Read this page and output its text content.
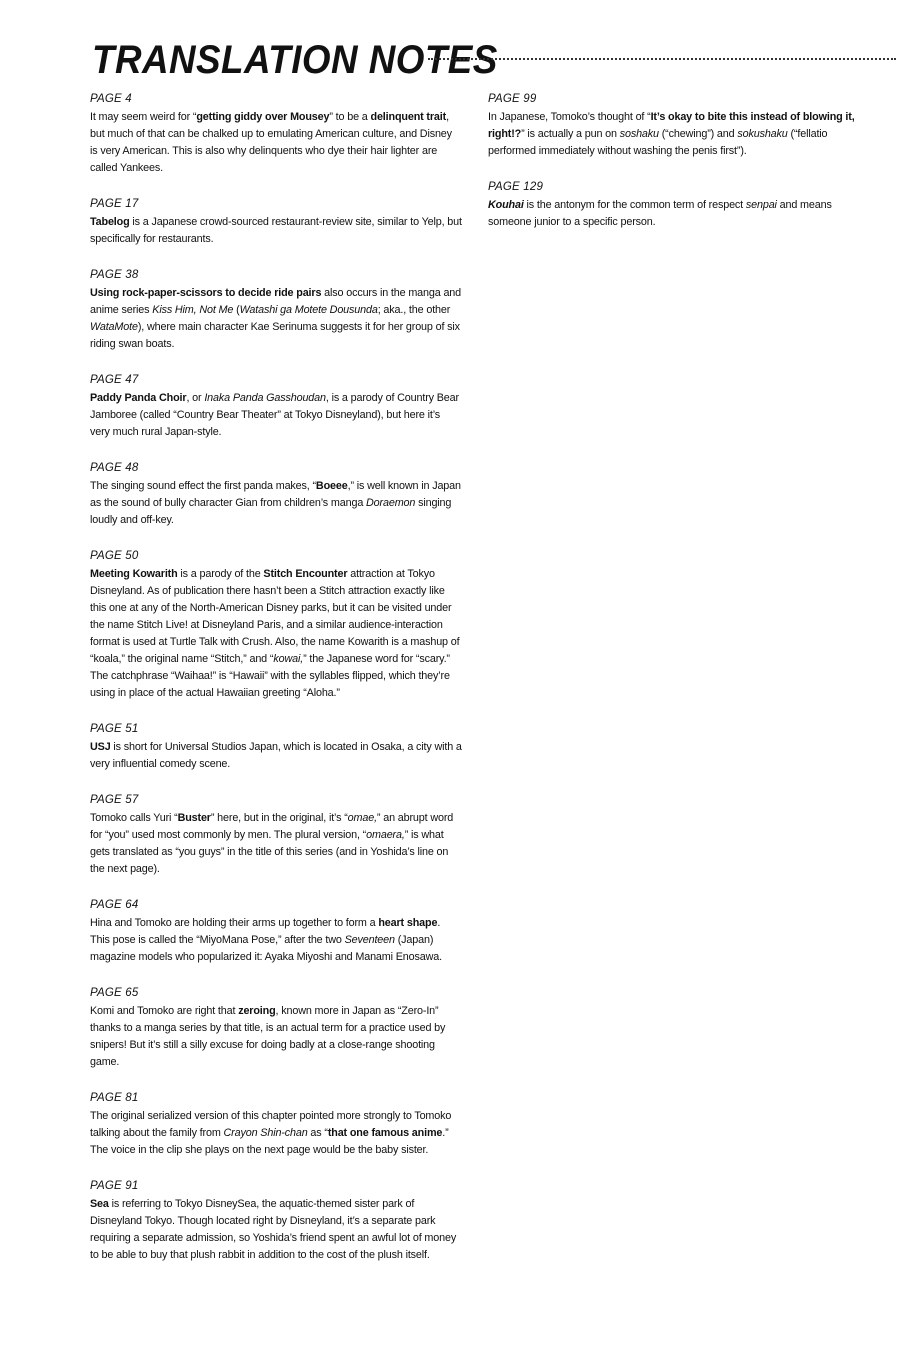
TRANSLATION NOTES
PAGE 4

It may seem weird for “getting giddy over Mousey” to be a delinquent trait, but much of that can be chalked up to emulating American culture, and Disney is very American. This is also why delinquents who dye their hair lighter are called Yankees.

PAGE 17

Tabelog is a Japanese crowd-sourced restaurant-review site, similar to Yelp, but specifically for restaurants.

PAGE 38

Using rock-paper-scissors to decide ride pairs also occurs in the manga and anime series Kiss Him, Not Me (Watashi ga Motete Dousunda; aka., the other WataMote), where main character Kae Serinuma suggests it for her group of six riding swan boats.

PAGE 47

Paddy Panda Choir, or Inaka Panda Gasshoudan, is a parody of Country Bear Jamboree (called “Country Bear Theater” at Tokyo Disneyland), but here it’s very much rural Japan-style.

PAGE 48

The singing sound effect the first panda makes, “Boeee,” is well known in Japan as the sound of bully character Gian from children’s manga Doraemon singing loudly and off-key.

PAGE 50

Meeting Kowarith is a parody of the Stitch Encounter attraction at Tokyo Disneyland. As of publication there hasn’t been a Stitch attraction exactly like this one at any of the North-American Disney parks, but it can be visited under the name Stitch Live! at Disneyland Paris, and a similar audience-interaction format is used at Turtle Talk with Crush. Also, the name Kowarith is a mashup of “koala,” the original name “Stitch,” and “kowai,” the Japanese word for “scary.” The catchphrase “Waihaa!” is “Hawaii” with the syllables flipped, which they’re using in place of the actual Hawaiian greeting “Aloha.”

PAGE 51

USJ is short for Universal Studios Japan, which is located in Osaka, a city with a very influential comedy scene.

PAGE 57

Tomoko calls Yuri “Buster” here, but in the original, it’s “omae,” an abrupt word for “you” used most commonly by men. The plural version, “omaera,” is what gets translated as “you guys” in the title of this series (and in Yoshida’s line on the next page).

PAGE 64

Hina and Tomoko are holding their arms up together to form a heart shape. This pose is called the “MiyoMana Pose,” after the two Seventeen (Japan) magazine models who popularized it: Ayaka Miyoshi and Manami Enosawa.

PAGE 65

Komi and Tomoko are right that zeroing, known more in Japan as “Zero-In” thanks to a manga series by that title, is an actual term for a practice used by snipers! But it’s still a silly excuse for doing badly at a close-range shooting game.

PAGE 81

The original serialized version of this chapter pointed more strongly to Tomoko talking about the family from Crayon Shin-chan as “that one famous anime.” The voice in the clip she plays on the next page would be the baby sister.

PAGE 91

Sea is referring to Tokyo DisneySea, the aquatic-themed sister park of Disneyland Tokyo. Though located right by Disneyland, it’s a separate park requiring a separate admission, so Yoshida’s friend spent an awful lot of money to be able to buy that plush rabbit in addition to the cost of the plush itself.

PAGE 99

In Japanese, Tomoko’s thought of “It’s okay to bite this instead of blowing it, right!?” is actually a pun on soshaku (“chewing”) and sokushaku (“fellatio performed immediately without washing the penis first”).

PAGE 129

Kouhai is the antonym for the common term of respect senpai and means someone junior to a specific person.
